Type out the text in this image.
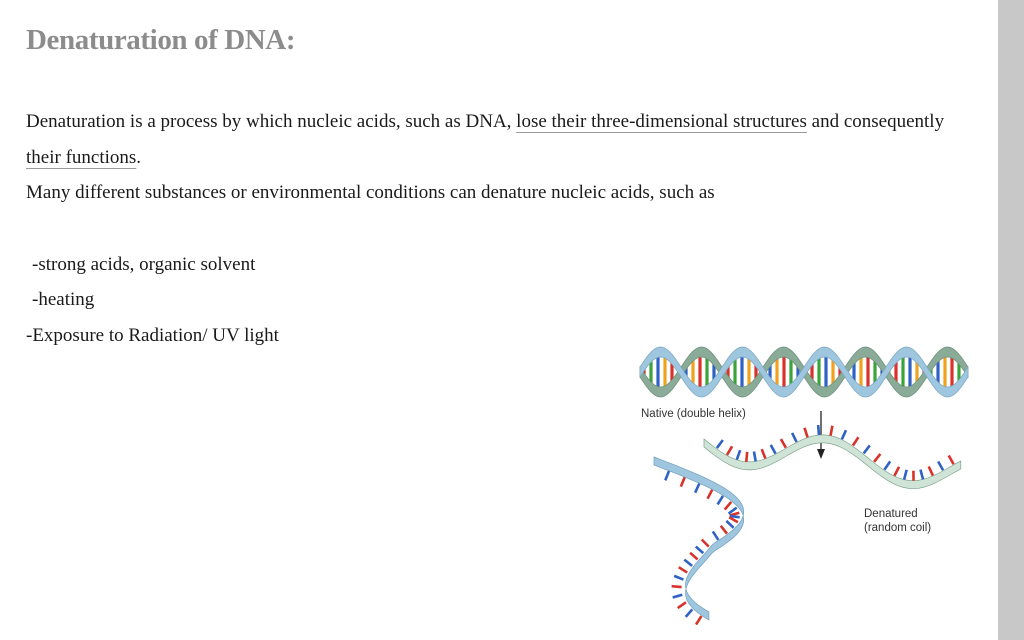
Denaturation of DNA:
Denaturation is a process by which nucleic acids, such as DNA, lose their three-dimensional structures and consequently their functions.
Many different substances or environmental conditions can denature nucleic acids, such as
-strong acids, organic solvent
-heating
-Exposure to Radiation/ UV light
Native (double helix)
Denatured
(random coil)
